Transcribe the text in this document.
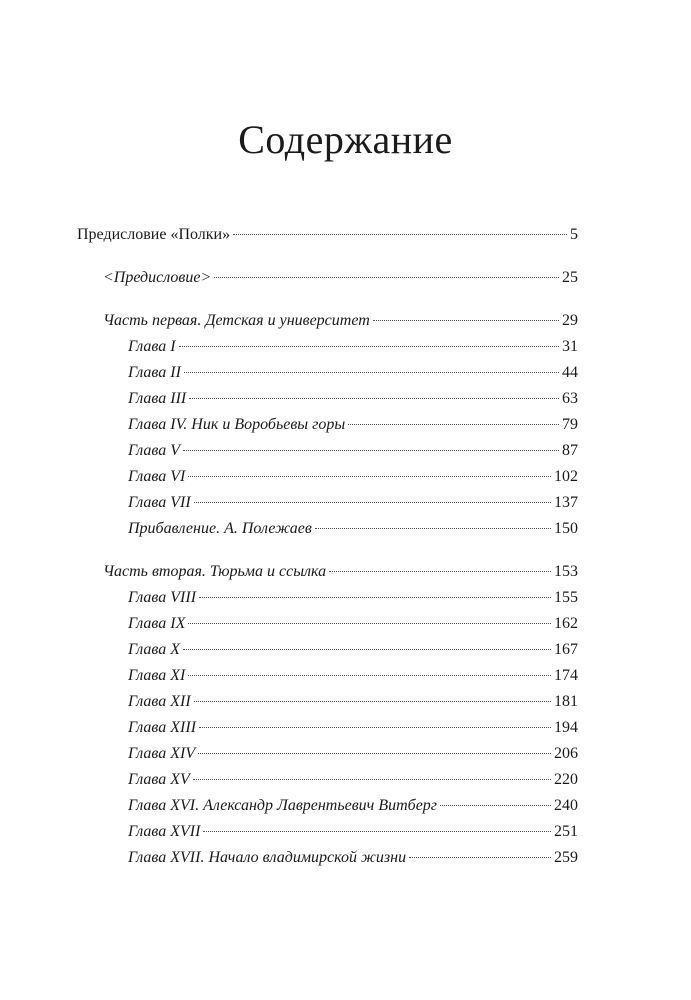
Содержание
Предисловие «Полки»	5
<Предисловие>	25
Часть первая. Детская и университет	29
Глава I	31
Глава II	44
Глава III	63
Глава IV. Ник и Воробьевы горы	79
Глава V	87
Глава VI	102
Глава VII	137
Прибавление. А. Полежаев	150
Часть вторая. Тюрьма и ссылка	153
Глава VIII	155
Глава IX	162
Глава X	167
Глава XI	174
Глава XII	181
Глава XIII	194
Глава XIV	206
Глава XV	220
Глава XVI. Александр Лаврентьевич Витберг	240
Глава XVII	251
Глава XVII. Начало владимирской жизни	259
